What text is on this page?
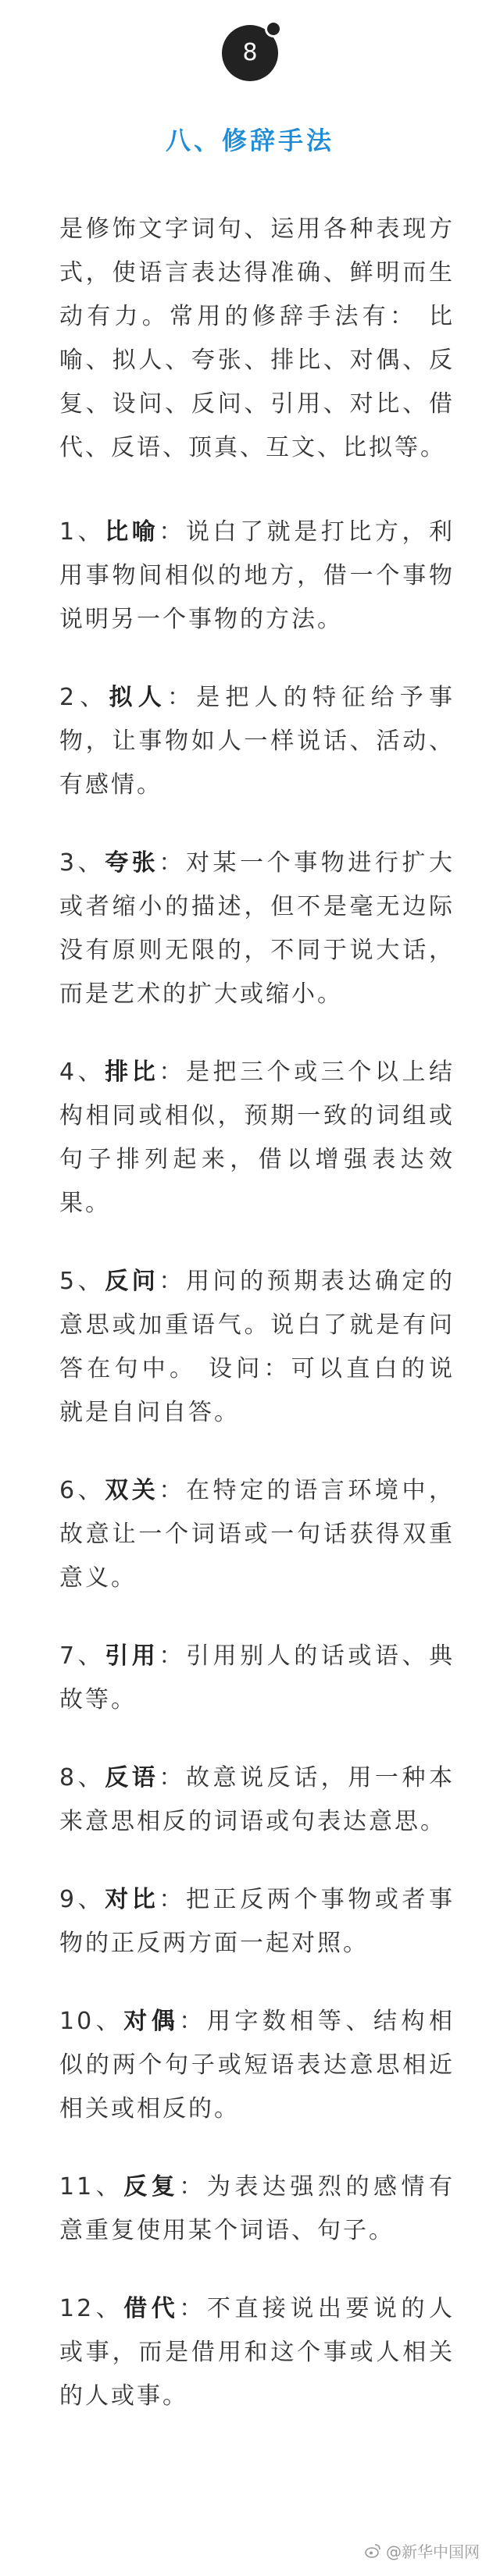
8
八、修辞手法

是修饰文字词句、运用各种表现方式，使语言表达得准确、鲜明而生动有力。常用的修辞手法有： 比喻、拟人、夸张、排比、对偶、反复、设问、反问、引用、对比、借代、反语、顶真、互文、比拟等。

1、比喻：说白了就是打比方，利用事物间相似的地方，借一个事物说明另一个事物的方法。

2、拟人：是把人的特征给予事物，让事物如人一样说话、活动、有感情。

3、夸张：对某一个事物进行扩大或者缩小的描述，但不是毫无边际没有原则无限的，不同于说大话，而是艺术的扩大或缩小。

4、排比：是把三个或三个以上结构相同或相似，预期一致的词组或句子排列起来，借以增强表达效果。

5、反问：用问的预期表达确定的意思或加重语气。说白了就是有问答在句中。 设问：可以直白的说就是自问自答。

6、双关：在特定的语言环境中，故意让一个词语或一句话获得双重意义。

7、引用：引用别人的话或语、典故等。

8、反语：故意说反话，用一种本来意思相反的词语或句表达意思。

9、对比：把正反两个事物或者事物的正反两方面一起对照。

10、对偶：用字数相等、结构相似的两个句子或短语表达意思相近相关或相反的。

11、反复：为表达强烈的感情有意重复使用某个词语、句子。

12、借代：不直接说出要说的人或事，而是借用和这个事或人相关的人或事。

@新华中国网
